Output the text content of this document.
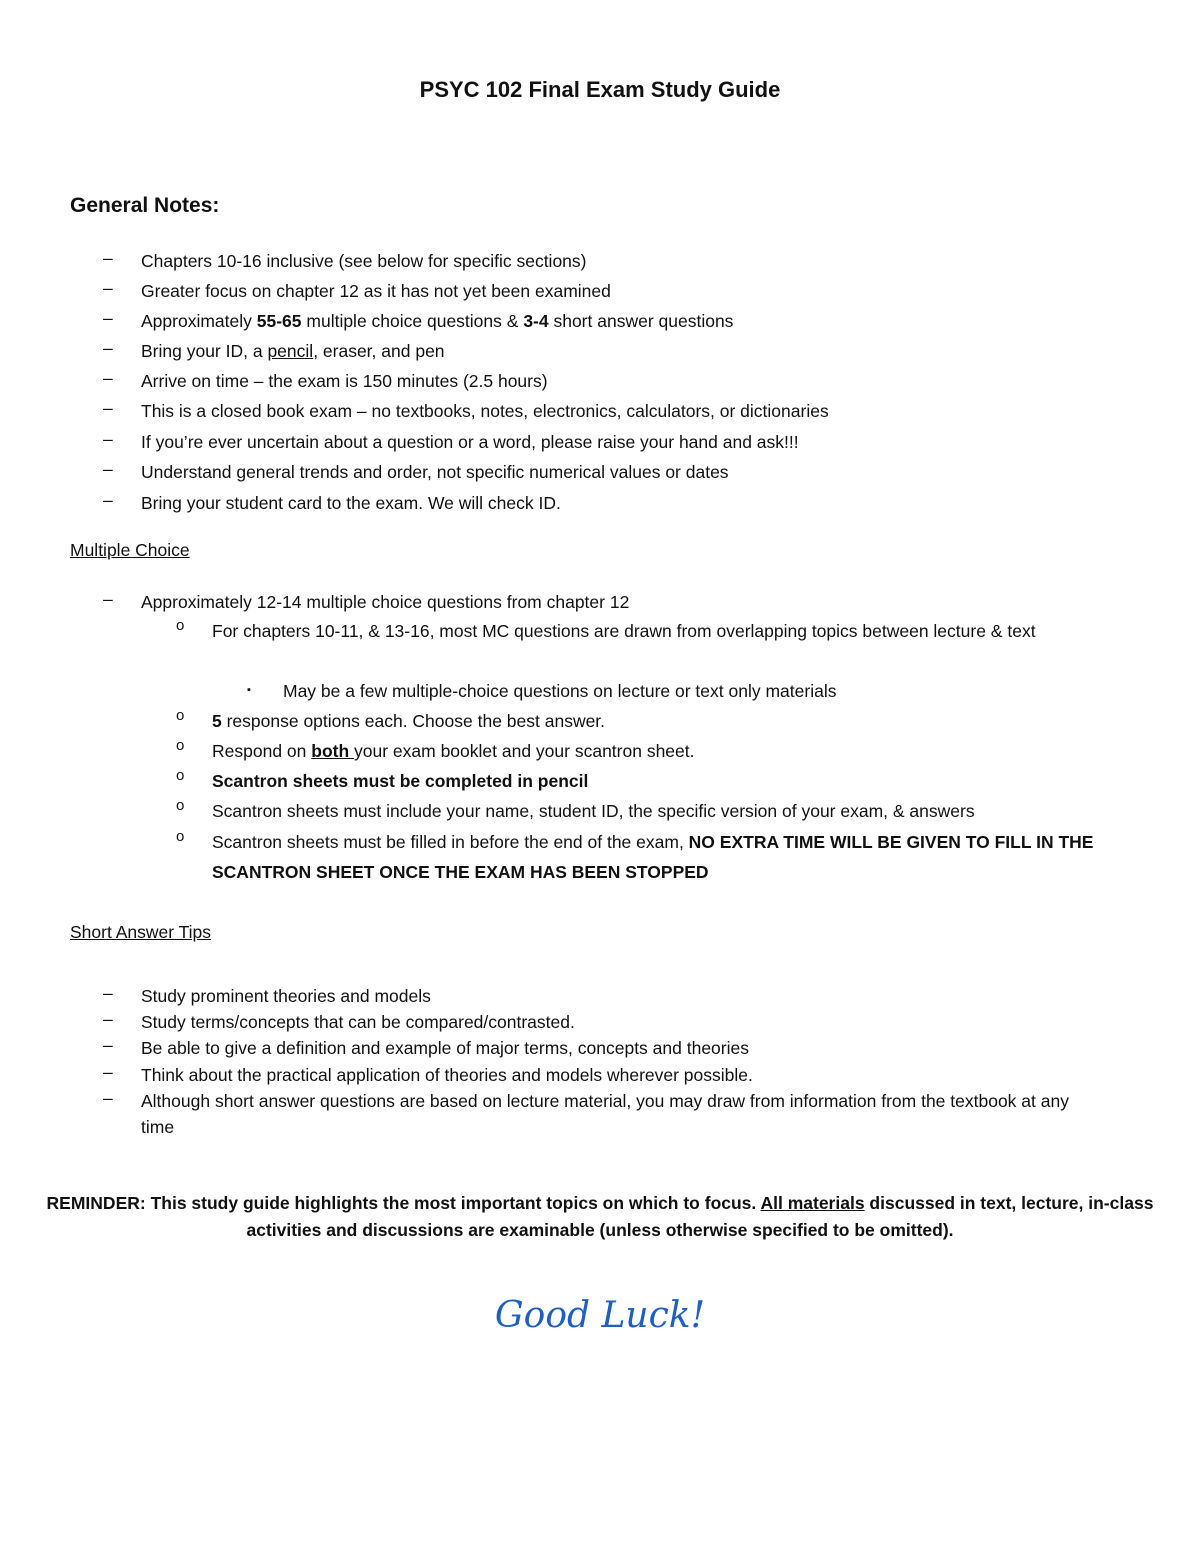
PSYC 102 Final Exam Study Guide
General Notes:
– Chapters 10-16 inclusive (see below for specific sections)
– Greater focus on chapter 12 as it has not yet been examined
– Approximately 55-65 multiple choice questions & 3-4 short answer questions
– Bring your ID, a pencil, eraser, and pen
– Arrive on time – the exam is 150 minutes (2.5 hours)
– This is a closed book exam – no textbooks, notes, electronics, calculators, or dictionaries
– If you’re ever uncertain about a question or a word, please raise your hand and ask!!!
– Understand general trends and order, not specific numerical values or dates
– Bring your student card to the exam. We will check ID.
Multiple Choice
– Approximately 12-14 multiple choice questions from chapter 12
o For chapters 10-11, & 13-16, most MC questions are drawn from overlapping topics between lecture & text
▪ May be a few multiple-choice questions on lecture or text only materials
o 5 response options each. Choose the best answer.
o Respond on both your exam booklet and your scantron sheet.
o Scantron sheets must be completed in pencil
o Scantron sheets must include your name, student ID, the specific version of your exam, & answers
o Scantron sheets must be filled in before the end of the exam, NO EXTRA TIME WILL BE GIVEN TO FILL IN THE SCANTRON SHEET ONCE THE EXAM HAS BEEN STOPPED
Short Answer Tips
– Study prominent theories and models
– Study terms/concepts that can be compared/contrasted.
– Be able to give a definition and example of major terms, concepts and theories
– Think about the practical application of theories and models wherever possible.
– Although short answer questions are based on lecture material, you may draw from information from the textbook at any time
REMINDER: This study guide highlights the most important topics on which to focus. All materials discussed in text, lecture, in-class activities and discussions are examinable (unless otherwise specified to be omitted).
Good Luck!
